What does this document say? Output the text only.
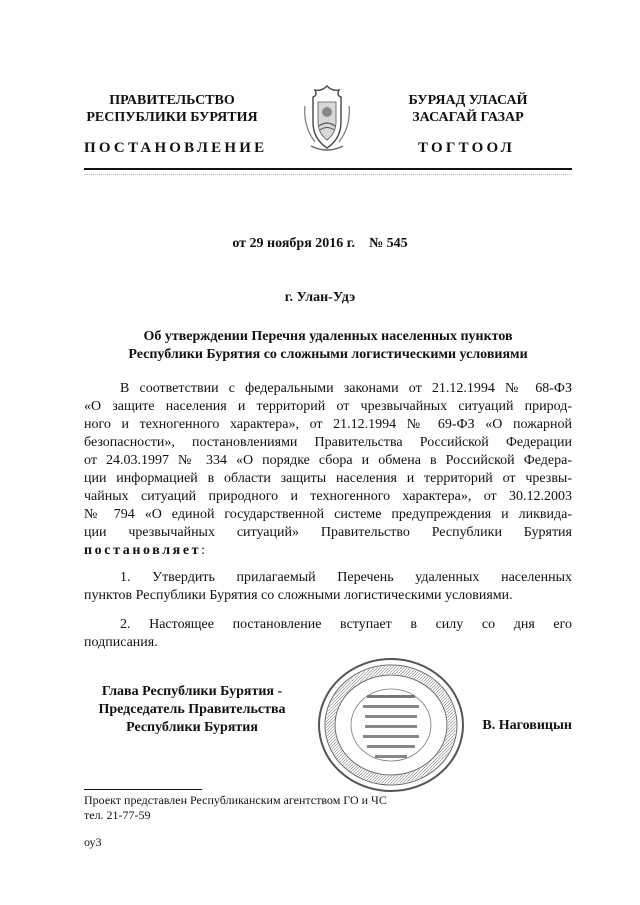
ПРАВИТЕЛЬСТВО
РЕСПУБЛИКИ БУРЯТИЯ
БУРЯАД УЛАСАЙ
ЗАСАГАЙ ГАЗАР
ПОСТАНОВЛЕНИЕ	ТОГТООЛ
от 29 ноября 2016 г. № 545
г. Улан-Удэ
Об утверждении Перечня удаленных населенных пунктов
Республики Бурятия со сложными логистическими условиями
В соответствии с федеральными законами от 21.12.1994 № 68-ФЗ
«О защите населения и территорий от чрезвычайных ситуаций природ-
ного и техногенного характера», от 21.12.1994 № 69-ФЗ «О пожарной
безопасности», постановлениями Правительства Российской Федерации
от 24.03.1997 № 334 «О порядке сбора и обмена в Российской Федера-
ции информацией в области защиты населения и территорий от чрезвы-
чайных ситуаций природного и техногенного характера», от 30.12.2003
№ 794 «О единой государственной системе предупреждения и ликвида-
ции чрезвычайных ситуаций» Правительство Республики Бурятия
постановляет:
1. Утвердить прилагаемый Перечень удаленных населенных
пунктов Республики Бурятия со сложными логистическими условиями.
2. Настоящее постановление вступает в силу со дня его
подписания.
Глава Республики Бурятия -
Председатель Правительства
Республики Бурятия	В. Наговицын
Проект представлен Республиканским агентством ГО и ЧС
тел. 21-77-59
оу3
